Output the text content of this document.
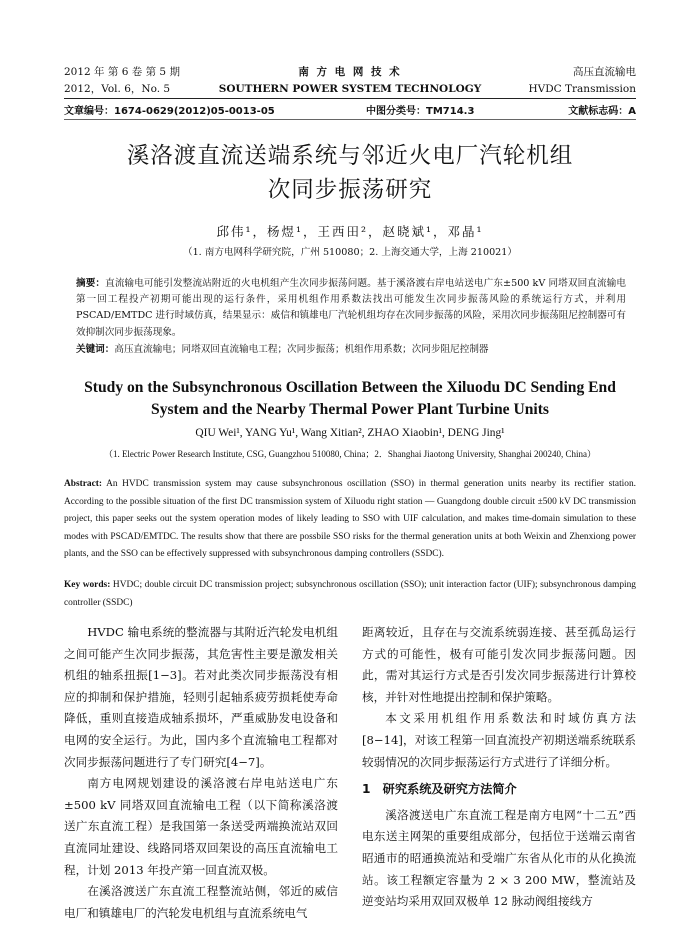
2012 年 第 6 卷 第 5 期
2012，Vol. 6，No. 5
南 方 电 网 技 术
SOUTHERN POWER SYSTEM TECHNOLOGY
高压直流输电
HVDC Transmission
文章编号：1674-0629(2012)05-0013-05	中图分类号：TM714.3	文献标志码：A
溪洛渡直流送端系统与邻近火电厂汽轮机组
次同步振荡研究
邱伟¹，杨煜¹，王西田²，赵晓斌¹，邓晶¹
（1. 南方电网科学研究院，广州 510080；2. 上海交通大学，上海 210021）
摘要：直流输电可能引发整流站附近的火电机组产生次同步振荡问题。基于溪洛渡右岸电站送电广东±500 kV 同塔双回直流输电第一回工程投产初期可能出现的运行条件，采用机组作用系数法找出可能发生次同步振荡风险的系统运行方式，并利用 PSCAD/EMTDC 进行时域仿真，结果显示：威信和镇雄电厂汽轮机组均存在次同步振荡的风险，采用次同步振荡阻尼控制器可有效抑制次同步振荡现象。
关键词：高压直流输电；同塔双回直流输电工程；次同步振荡；机组作用系数；次同步阻尼控制器
Study on the Subsynchronous Oscillation Between the Xiluodu DC Sending End
System and the Nearby Thermal Power Plant Turbine Units
QIU Wei¹, YANG Yu¹, Wang Xitian², ZHAO Xiaobin¹, DENG Jing¹
（1. Electric Power Research Institute, CSG, Guangzhou 510080, China；2．Shanghai Jiaotong University, Shanghai 200240, China）
Abstract: An HVDC transmission system may cause subsynchronous oscillation (SSO) in thermal generation units nearby its rectifier station. According to the possible situation of the first DC transmission system of Xiluodu right station — Guangdong double circuit ±500 kV DC transmission project, this paper seeks out the system operation modes of likely leading to SSO with UIF calculation, and makes time-domain simulation to these modes with PSCAD/EMTDC. The results show that there are possbile SSO risks for the thermal generation units at both Weixin and Zhenxiong power plants, and the SSO can be effectively suppressed with subsynchronous damping controllers (SSDC).
Key words: HVDC; double circuit DC transmission project; subsynchronous oscillation (SSO); unit interaction factor (UIF); subsynchronous damping controller (SSDC)

HVDC 输电系统的整流器与其附近汽轮发电机组之间可能产生次同步振荡，其危害性主要是激发相关机组的轴系扭振[1−3]。若对此类次同步振荡没有相应的抑制和保护措施，轻则引起轴系疲劳损耗使寿命降低，重则直接造成轴系损坏，严重威胁发电设备和电网的安全运行。为此，国内多个直流输电工程都对次同步振荡问题进行了专门研究[4−7]。

南方电网规划建设的溪洛渡右岸电站送电广东±500 kV 同塔双回直流输电工程（以下简称溪洛渡送广东直流工程）是我国第一条送受两端换流站双回直流同址建设、线路同塔双回架设的高压直流输电工程，计划 2013 年投产第一回直流双极。

在溪洛渡送广东直流工程整流站侧，邻近的威信电厂和镇雄电厂的汽轮发电机组与直流系统电气

距离较近，且存在与交流系统弱连接、甚至孤岛运行方式的可能性，极有可能引发次同步振荡问题。因此，需对其运行方式是否引发次同步振荡进行计算校核，并针对性地提出控制和保护策略。

本文采用机组作用系数法和时域仿真方法[8−14]，对该工程第一回直流投产初期送端系统联系较弱情况的次同步振荡运行方式进行了详细分析。

1　研究系统及研究方法简介

溪洛渡送电广东直流工程是南方电网“十二五”西电东送主网架的重要组成部分，包括位于送端云南省昭通市的昭通换流站和受端广东省从化市的从化换流站。该工程额定容量为 2 × 3 200 MW，整流站及逆变站均采用双回双极单 12 脉动阀组接线方
